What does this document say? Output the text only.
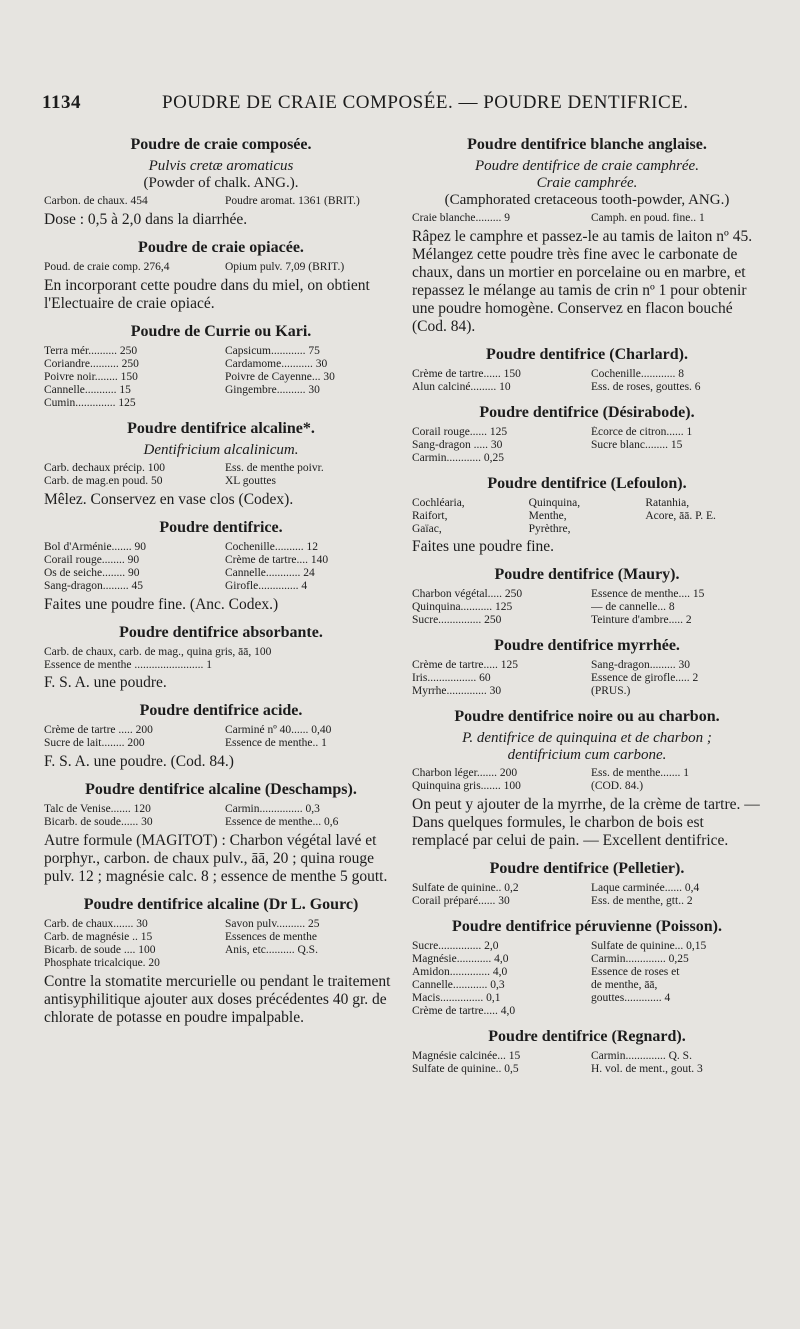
1134	POUDRE DE CRAIE COMPOSÉE. — POUDRE DENTIFRICE.
Poudre de craie composée.
Pulvis cretæ aromaticus
(Powder of chalk. ANG.).
Carbon. de chaux. 454	Poudre aromat. 1361 (BRIT.)
Dose : 0,5 à 2,0 dans la diarrhée.
Poudre de craie opiacée.
Poud. de craie comp. 276,4	Opium pulv. 7,09 (BRIT.)
En incorporant cette poudre dans du miel, on obtient l'Electuaire de craie opiacé.
Poudre de Currie ou Kari.
Terra mér.......... 250	Capsicum............ 75
Coriandre.......... 250	Cardamome........... 30
Poivre noir........ 150	Poivre de Cayenne... 30
Cannelle........... 15	Gingembre.......... 30
Cumin.............. 125
Poudre dentifrice alcaline*.
Dentifricium alcalinicum.
Carb. dechaux précip. 100	Ess. de menthe poivr.
Carb. de mag.en poud. 50	XL gouttes
Mêlez. Conservez en vase clos (Codex).
Poudre dentifrice.
Bol d'Arménie....... 90	Cochenille.......... 12
Corail rouge........ 90	Crème de tartre.... 140
Os de seiche........ 90	Cannelle............ 24
Sang-dragon......... 45	Girofle.............. 4
Faites une poudre fine. (Anc. Codex.)
Poudre dentifrice absorbante.
Carb. de chaux, carb. de mag., quina gris, āā, 100
Essence de menthe ........................ 1
F. S. A. une poudre.
Poudre dentifrice acide.
Crème de tartre ..... 200	Carminé nº 40...... 0,40
Sucre de lait........ 200	Essence de menthe.. 1
F. S. A. une poudre. (Cod. 84.)
Poudre dentifrice alcaline (Deschamps).
Talc de Venise....... 120	Carmin............... 0,3
Bicarb. de soude...... 30	Essence de menthe... 0,6
Autre formule (MAGITOT) : Charbon végétal lavé et porphyr., carbon. de chaux pulv., āā, 20 ; quina rouge pulv. 12 ; magnésie calc. 8 ; essence de menthe 5 goutt.
Poudre dentifrice alcaline (Dr L. Gourc)
Carb. de chaux....... 30	Savon pulv.......... 25
Carb. de magnésie .. 15	Essences de menthe
Bicarb. de soude .... 100	Anis, etc.......... Q.S.
Phosphate tricalcique. 20
Contre la stomatite mercurielle ou pendant le traitement antisyphilitique ajouter aux doses précédentes 40 gr. de chlorate de potasse en poudre impalpable.
Poudre dentifrice blanche anglaise.
Poudre dentifrice de craie camphrée.
Craie camphrée.
(Camphorated cretaceous tooth-powder, ANG.)
Craie blanche......... 9	Camph. en poud. fine.. 1
Râpez le camphre et passez-le au tamis de laiton nº 45. Mélangez cette poudre très fine avec le carbonate de chaux, dans un mortier en porcelaine ou en marbre, et repassez le mélange au tamis de crin nº 1 pour obtenir une poudre homogène. Conservez en flacon bouché (Cod. 84).
Poudre dentifrice (Charlard).
Crème de tartre...... 150	Cochenille............ 8
Alun calciné......... 10	Ess. de roses, gouttes. 6
Poudre dentifrice (Désirabode).
Corail rouge...... 125	Écorce de citron...... 1
Sang-dragon ..... 30	Sucre blanc........ 15
Carmin............ 0,25
Poudre dentifrice (Lefoulon).
Cochléaria,	Quinquina,	Ratanhia,
Raifort,	Menthe,	Acore, āā. P. E.
Gaïac,	Pyrèthre,
Faites une poudre fine.
Poudre dentifrice (Maury).
Charbon végétal..... 250	Essence de menthe.... 15
Quinquina........... 125	— de cannelle... 8
Sucre............... 250	Teinture d'ambre..... 2
Poudre dentifrice myrrhée.
Crème de tartre..... 125	Sang-dragon......... 30
Iris................. 60	Essence de girofle..... 2
Myrrhe.............. 30	(PRUS.)
Poudre dentifrice noire ou au charbon.
P. dentifrice de quinquina et de charbon ;
dentifricium cum carbone.
Charbon léger....... 200	Ess. de menthe....... 1
Quinquina gris....... 100	(COD. 84.)
On peut y ajouter de la myrrhe, de la crème de tartre. — Dans quelques formules, le charbon de bois est remplacé par celui de pain. — Excellent dentifrice.
Poudre dentifrice (Pelletier).
Sulfate de quinine.. 0,2	Laque carminée...... 0,4
Corail préparé...... 30	Ess. de menthe, gtt.. 2
Poudre dentifrice péruvienne (Poisson).
Sucre............... 2,0	Sulfate de quinine... 0,15
Magnésie............ 4,0	Carmin.............. 0,25
Amidon.............. 4,0	Essence de roses et
Cannelle............ 0,3	de menthe, āā,
Macis............... 0,1	gouttes............. 4
Crème de tartre..... 4,0
Poudre dentifrice (Regnard).
Magnésie calcinée... 15	Carmin.............. Q. S.
Sulfate de quinine.. 0,5	H. vol. de ment., gout. 3
